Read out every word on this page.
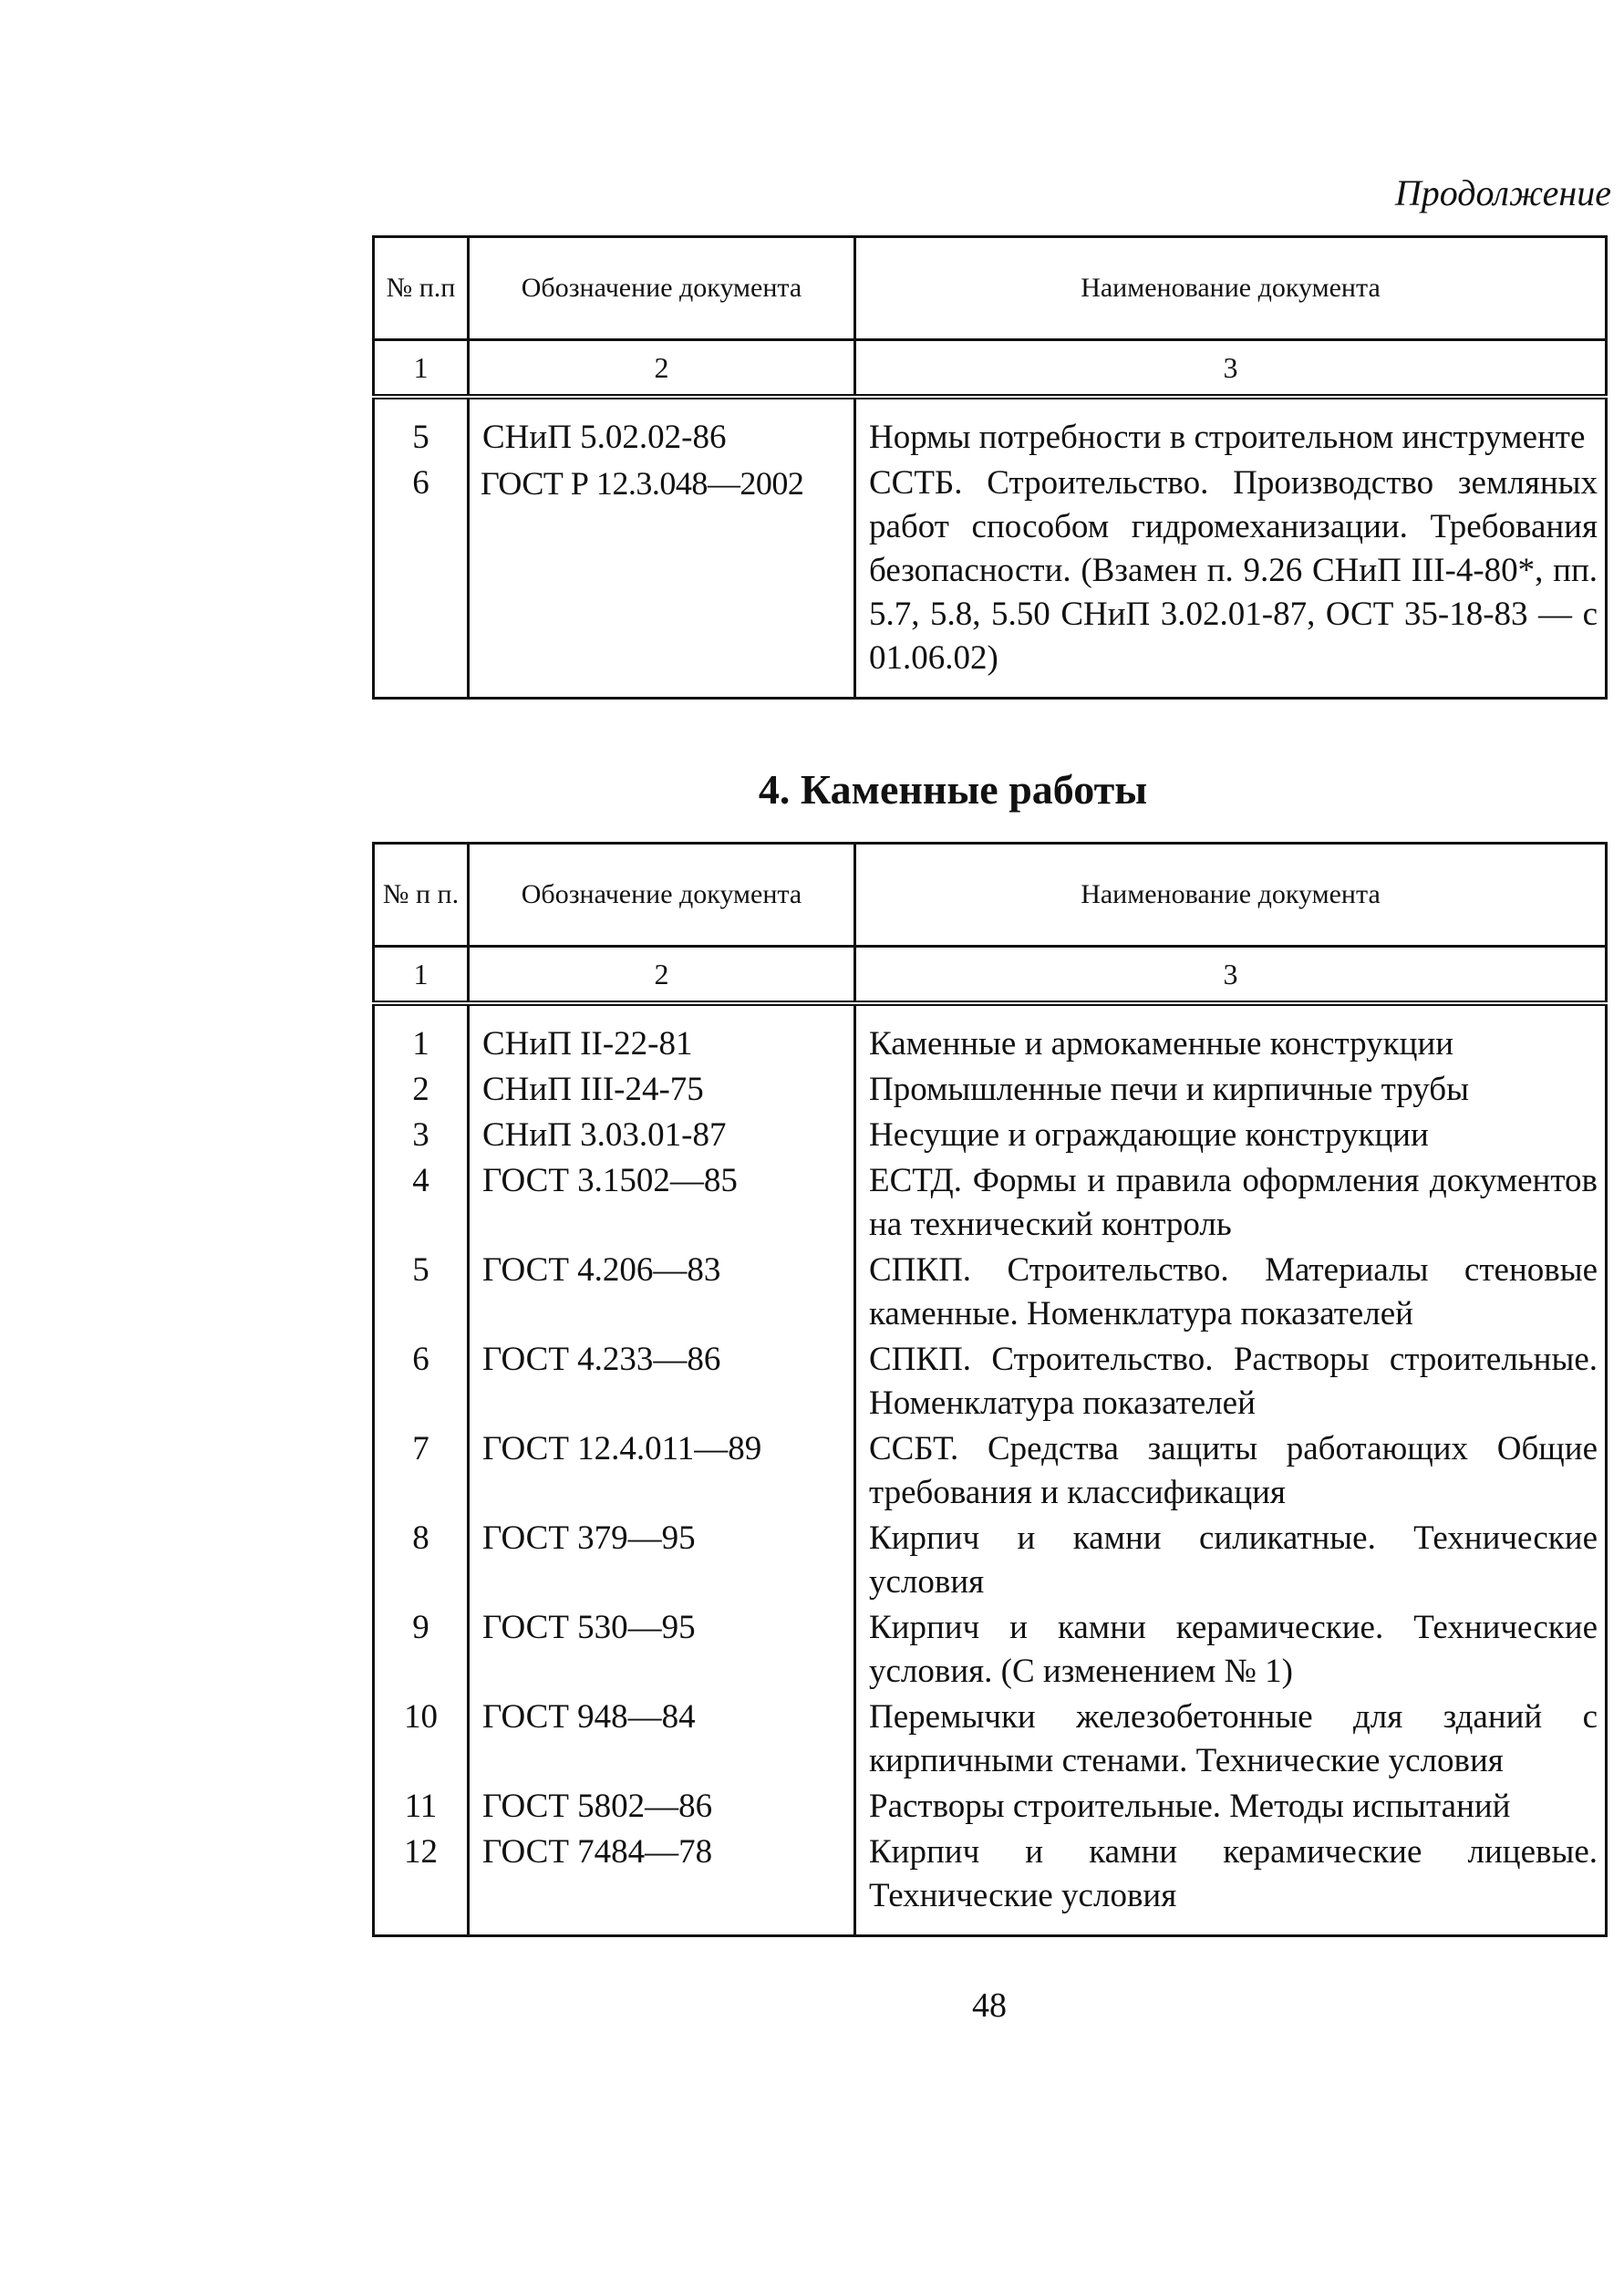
Продолжение
№ п.п	Обозначение документа	Наименование документа
1	2	3
5	СНиП 5.02.02-86	Нормы потребности в строительном инструменте
6	ГОСТ Р 12.3.048—2002	ССТБ. Строительство. Производство земляных работ способом гидромеханизации. Требования безопасности. (Взамен п. 9.26 СНиП III-4-80*, пп. 5.7, 5.8, 5.50 СНиП 3.02.01-87, ОСТ 35-18-83 — с 01.06.02)
4. Каменные работы
№ п п.	Обозначение документа	Наименование документа
1	2	3
1	СНиП II-22-81	Каменные и армокаменные конструкции
2	СНиП III-24-75	Промышленные печи и кирпичные трубы
3	СНиП 3.03.01-87	Несущие и ограждающие конструкции
4	ГОСТ 3.1502—85	ЕСТД. Формы и правила оформления документов на технический контроль
5	ГОСТ 4.206—83	СПКП. Строительство. Материалы стеновые каменные. Номенклатура показателей
6	ГОСТ 4.233—86	СПКП. Строительство. Растворы строительные. Номенклатура показателей
7	ГОСТ 12.4.011—89	ССБТ. Средства защиты работающих Общие требования и классификация
8	ГОСТ 379—95	Кирпич и камни силикатные. Технические условия
9	ГОСТ 530—95	Кирпич и камни керамические. Технические условия. (С изменением № 1)
10	ГОСТ 948—84	Перемычки железобетонные для зданий с кирпичными стенами. Технические условия
11	ГОСТ 5802—86	Растворы строительные. Методы испытаний
12	ГОСТ 7484—78	Кирпич и камни керамические лицевые. Технические условия
48
